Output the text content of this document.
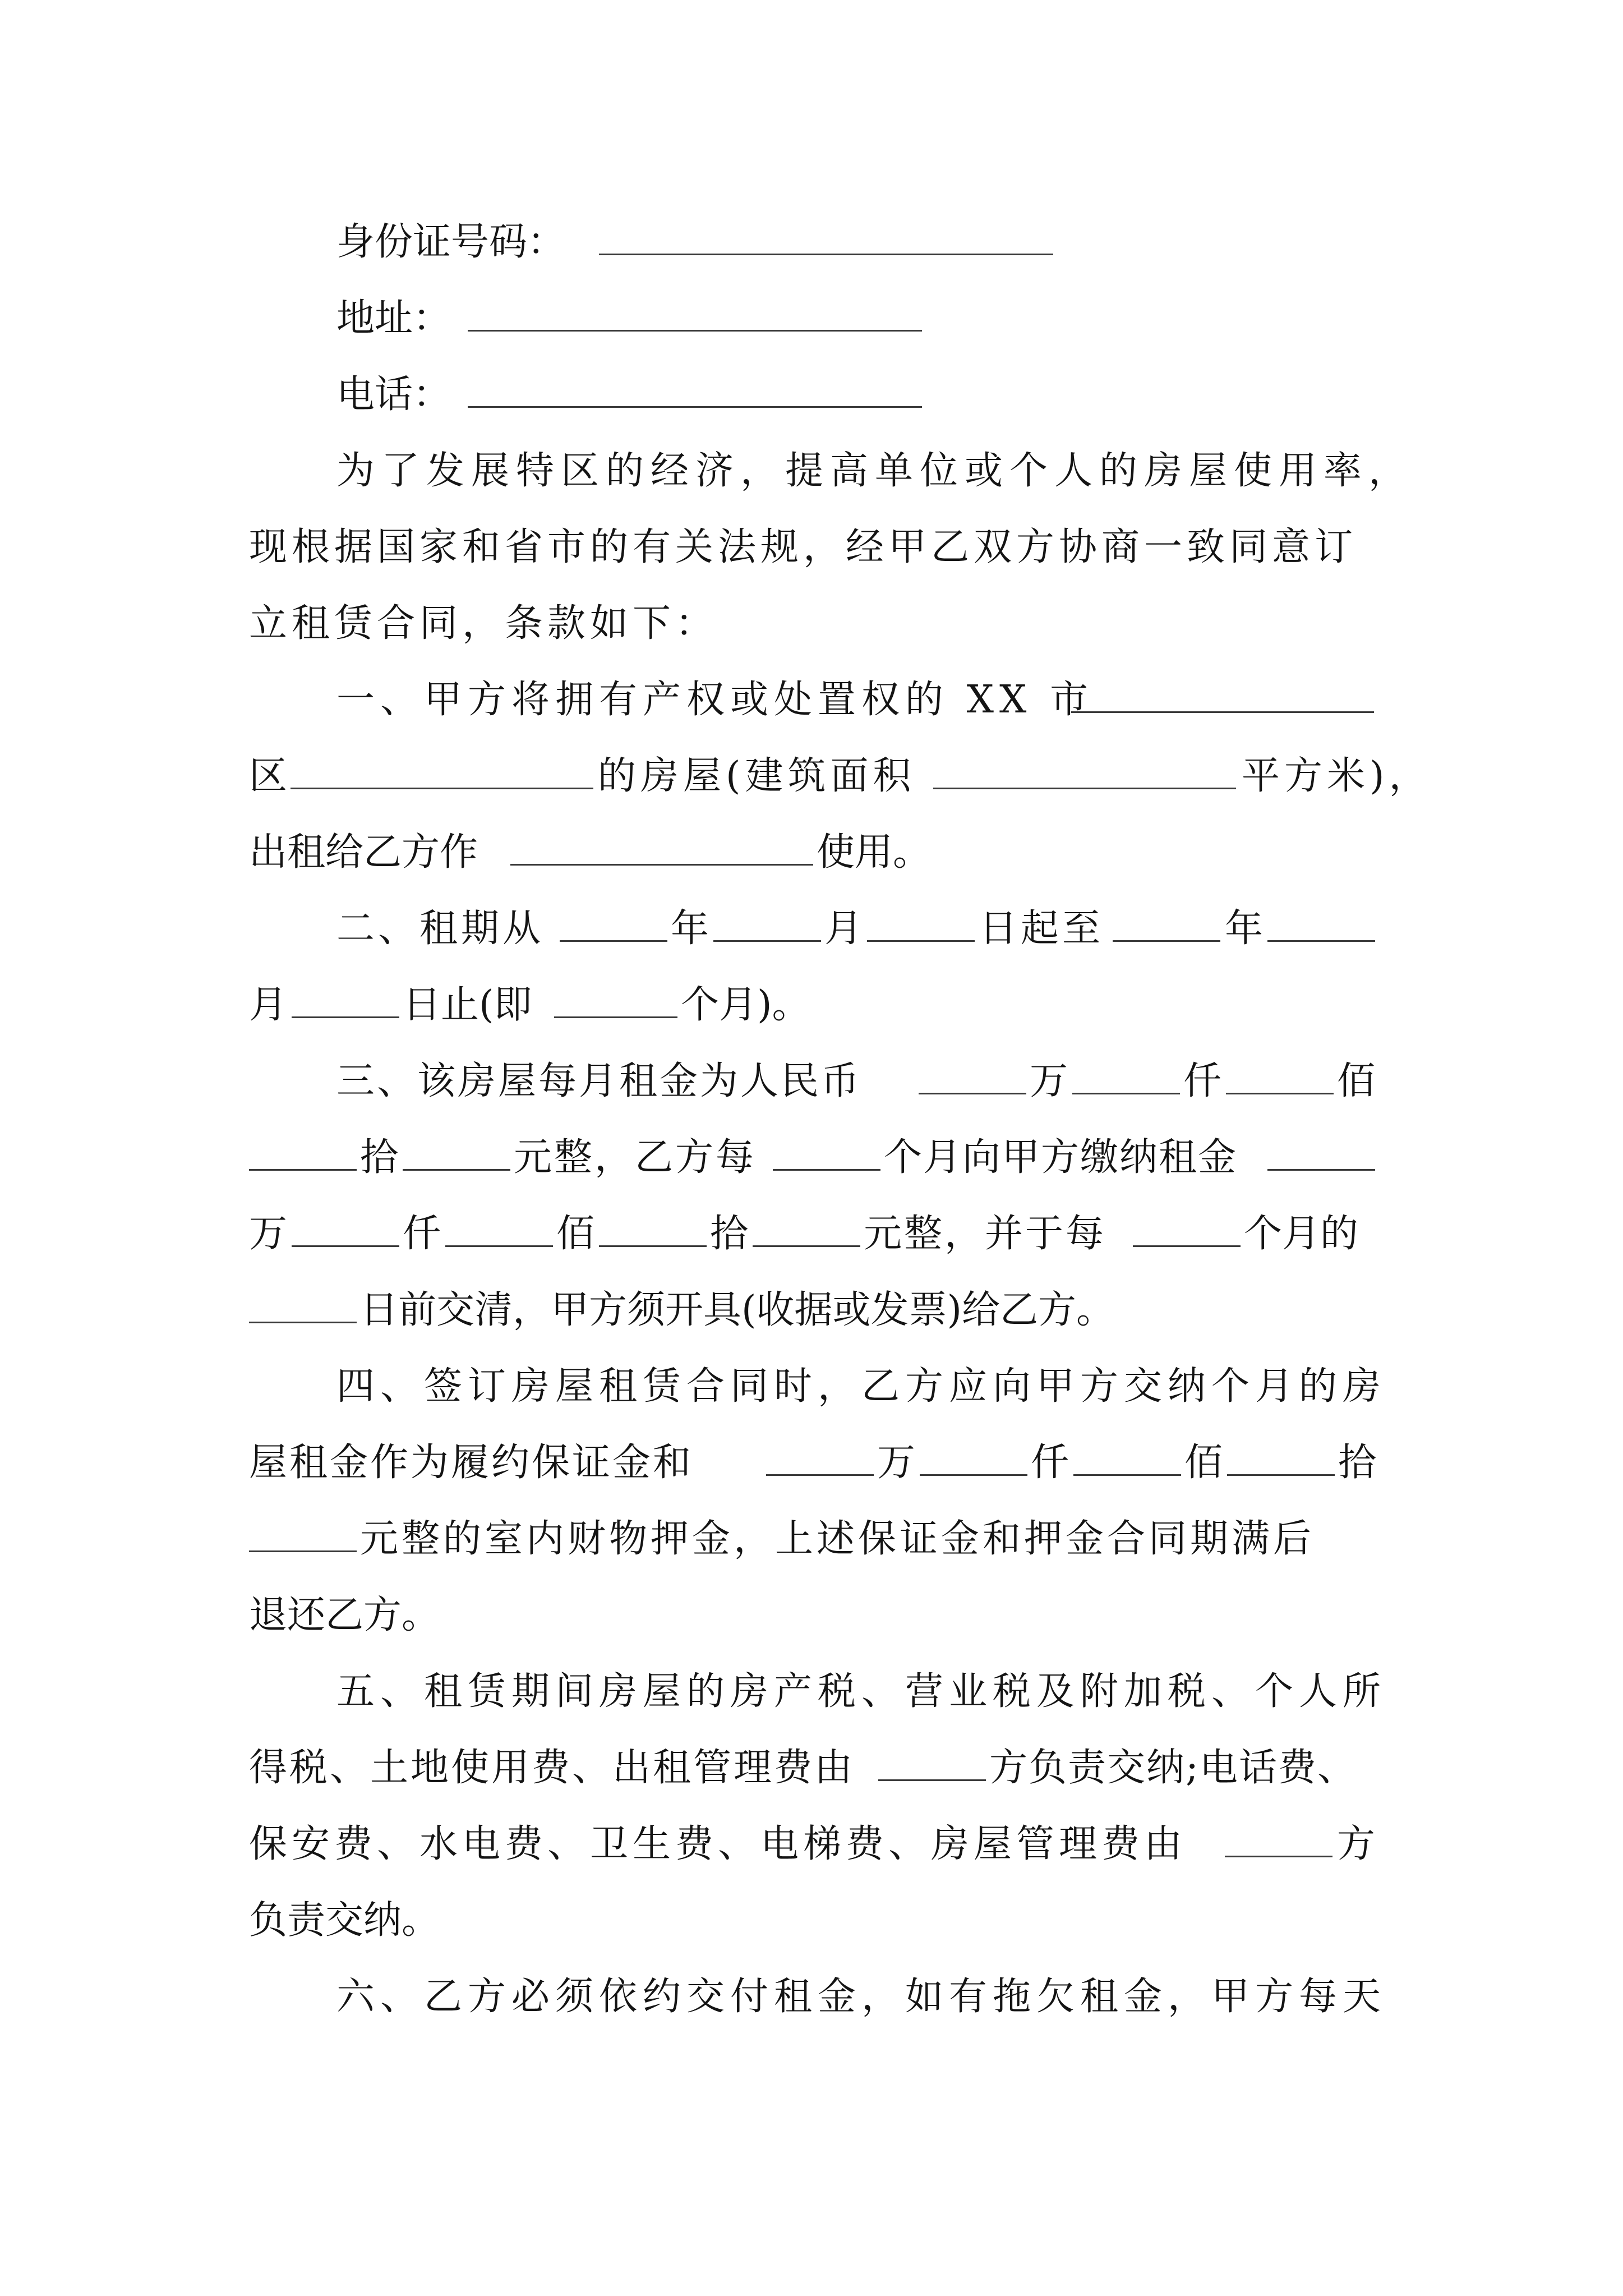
身份证号码：

地址：

电话：

为了发展特区的经济，提高单位或个人的房屋使用率，

现根据国家和省市的有关法规，经甲乙双方协商一致同意订

立租赁合同，条款如下：

一、甲方将拥有产权或处置权的 XX 市

区

	的房屋(建筑面积

	平方米)，

出租给乙方作

	使用。

二、租期从

	年

	月

	日起至

	年

月

	日止(即

	个月)。

三、该房屋每月租金为人民币

	万

	仟

	佰

拾

	元整，乙方每

	个月向甲方缴纳租金

万

	仟

	佰

	拾

	元整，并于每

	个月的

日前交清，甲方须开具(收据或发票)给乙方。

四、签订房屋租赁合同时，乙方应向甲方交纳个月的房

屋租金作为履约保证金和

	万

	仟

	佰

	拾

元整的室内财物押金，上述保证金和押金合同期满后

退还乙方。

五、租赁期间房屋的房产税、营业税及附加税、个人所

得税、土地使用费、出租管理费由

	方负责交纳;电话费、

保安费、水电费、卫生费、电梯费、房屋管理费由

	方

负责交纳。

六、乙方必须依约交付租金，如有拖欠租金，甲方每天
